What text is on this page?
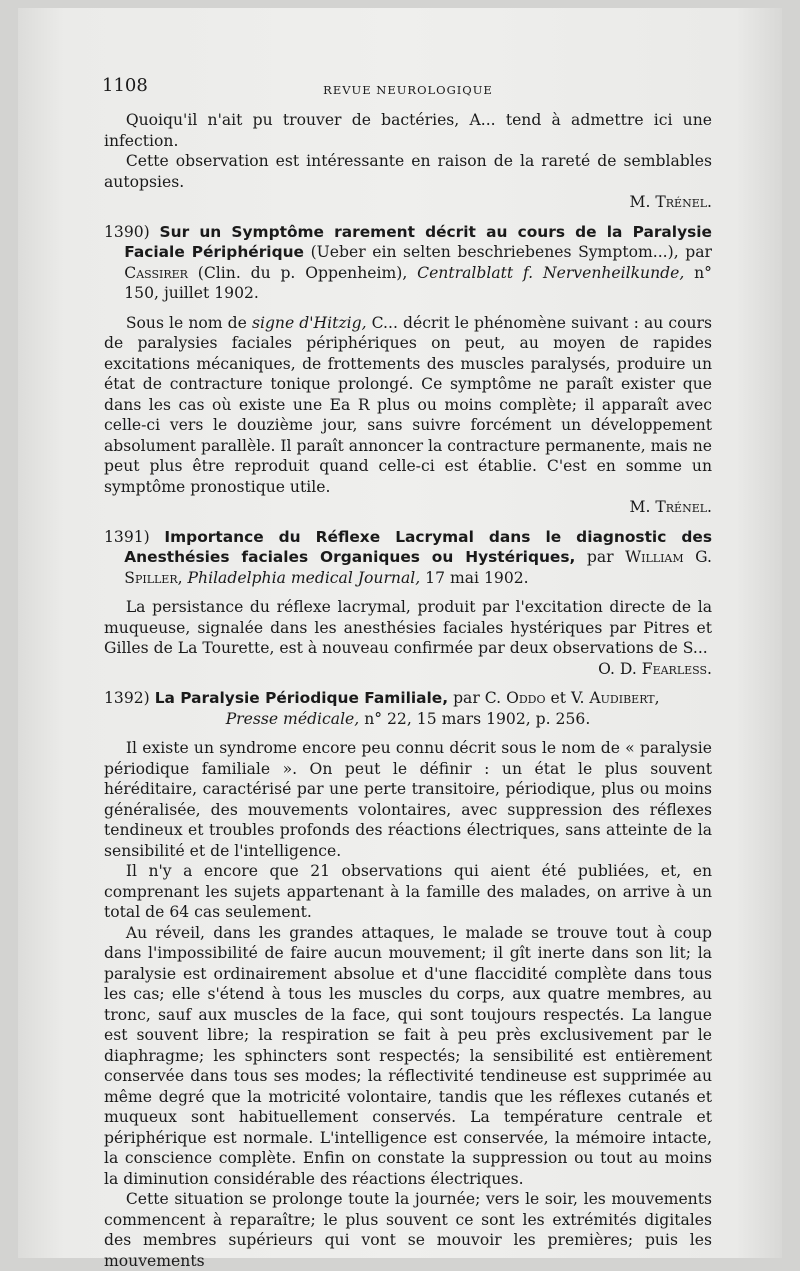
1108	REVUE NEUROLOGIQUE

Quoiqu'il n'ait pu trouver de bactéries, A... tend à admettre ici une infection.

Cette observation est intéressante en raison de la rareté de semblables autopsies.

M. Trénel.
1390) Sur un Symptôme rarement décrit au cours de la Paralysie Faciale Périphérique (Ueber ein selten beschriebenes Symptom...), par Cassirer (Clin. du p. Oppenheim), Centralblatt f. Nervenheilkunde, n° 150, juillet 1902.

Sous le nom de signe d'Hitzig, C... décrit le phénomène suivant : au cours de paralysies faciales périphériques on peut, au moyen de rapides excitations mécaniques, de frottements des muscles paralysés, produire un état de contracture tonique prolongé. Ce symptôme ne paraît exister que dans les cas où existe une Ea R plus ou moins complète; il apparaît avec celle-ci vers le douzième jour, sans suivre forcément un développement absolument parallèle. Il paraît annoncer la contracture permanente, mais ne peut plus être reproduit quand celle-ci est établie. C'est en somme un symptôme pronostique utile.

M. Trénel.
1391) Importance du Réflexe Lacrymal dans le diagnostic des Anesthésies faciales Organiques ou Hystériques, par William G. Spiller, Philadelphia medical Journal, 17 mai 1902.

La persistance du réflexe lacrymal, produit par l'excitation directe de la muqueuse, signalée dans les anesthésies faciales hystériques par Pitres et Gilles de La Tourette, est à nouveau confirmée par deux observations de S...

O. D. Fearless.
1392) La Paralysie Périodique Familiale, par C. Oddo et V. Audibert,
Presse médicale, n° 22, 15 mars 1902, p. 256.

Il existe un syndrome encore peu connu décrit sous le nom de « paralysie périodique familiale ». On peut le définir : un état le plus souvent héréditaire, caractérisé par une perte transitoire, périodique, plus ou moins généralisée, des mouvements volontaires, avec suppression des réflexes tendineux et troubles profonds des réactions électriques, sans atteinte de la sensibilité et de l'intelligence.

Il n'y a encore que 21 observations qui aient été publiées, et, en comprenant les sujets appartenant à la famille des malades, on arrive à un total de 64 cas seulement.

Au réveil, dans les grandes attaques, le malade se trouve tout à coup dans l'impossibilité de faire aucun mouvement; il gît inerte dans son lit; la paralysie est ordinairement absolue et d'une flaccidité complète dans tous les cas; elle s'étend à tous les muscles du corps, aux quatre membres, au tronc, sauf aux muscles de la face, qui sont toujours respectés. La langue est souvent libre; la respiration se fait à peu près exclusivement par le diaphragme; les sphincters sont respectés; la sensibilité est entièrement conservée dans tous ses modes; la réflectivité tendineuse est supprimée au même degré que la motricité volontaire, tandis que les réflexes cutanés et muqueux sont habituellement conservés. La température centrale et périphérique est normale. L'intelligence est conservée, la mémoire intacte, la conscience complète. Enfin on constate la suppression ou tout au moins la diminution considérable des réactions électriques.

Cette situation se prolonge toute la journée; vers le soir, les mouvements commencent à reparaître; le plus souvent ce sont les extrémités digitales des membres supérieurs qui vont se mouvoir les premières; puis les mouvements
